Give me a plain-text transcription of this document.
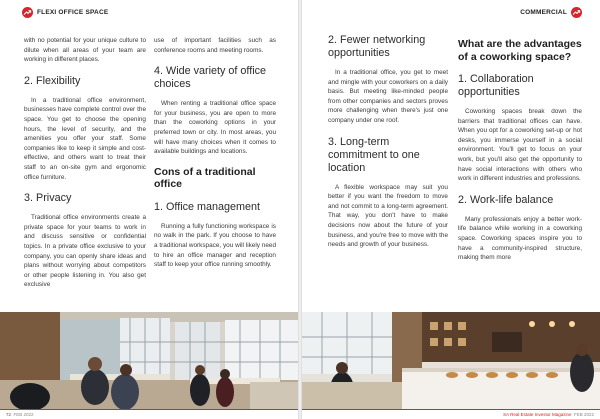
FLEXI OFFICE SPACE

with no potential for your unique culture to dilute when all areas of your team are working in different places.

2. Flexibility

In a traditional office environment, businesses have complete control over the space. You get to choose the opening hours, the level of security, and the amenities you offer your staff. Some companies like to keep it simple and cost-effective, and others want to treat their staff to an on-site gym and ergonomic office furniture.

3. Privacy

Traditional office environments create a private space for your teams to work in and discuss sensitive or confidential topics. In a private office exclusive to your company, you can openly share ideas and plans without worrying about competitors or other people listening in. You also get exclusive

use of important facilities such as conference rooms and meeting rooms.

4. Wide variety of office choices

When renting a traditional office space for your business, you are open to more than the coworking options in your preferred town or city. In most areas, you will have many choices when it comes to available buildings and locations.

Cons of a traditional office
1. Office management

Running a fully functioning workspace is no walk in the park. If you choose to have a traditional workspace, you will likely need to hire an office manager and reception staff to keep your office running smoothly.

72 FEB 2022
COMMERCIAL
2. Fewer networking opportunities

In a traditional office, you get to meet and mingle with your coworkers on a daily basis. But meeting like-minded people from other companies and sectors proves more challenging when there's just one company under one roof.

3. Long-term commitment to one location

A flexible workspace may suit you better if you want the freedom to move and not commit to a long-term agreement. That way, you don't have to make decisions now about the future of your business, and you're free to move with the needs and growth of your business.

What are the advantages of a coworking space?
1. Collaboration opportunities

Coworking spaces break down the barriers that traditional offices can have. When you opt for a coworking set-up or hot desks, you immerse yourself in a social environment. You'll get to focus on your work, but you'll also get the opportunity to have social interactions with others who work in different industries and professions.

2. Work-life balance

Many professionals enjoy a better work-life balance while working in a coworking space. Coworking spaces inspire you to have a community-inspired structure, making them more

SA Real Estate Investor Magazine FEB 2022
